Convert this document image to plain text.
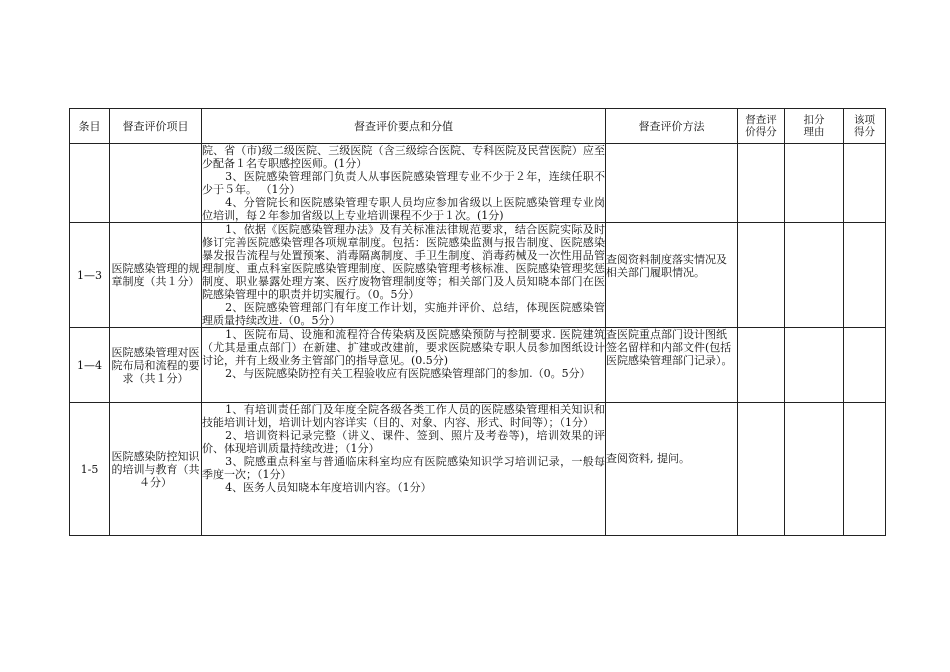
条目	督查评价项目	督查评价要点和分值	督查评价方法	督查评价得分	扣分理由	该项得分

		院、省（市)级二级医院、三级医院（含三级综合医院、专科医院及民营医院）应至少配备１名专职感控医师。(1分）

3、医院感染管理部门负责人从事医院感染管理专业不少于２年，连续任职不少于５年。 （1分）

4、分管院长和医院感染管理专职人员均应参加省级以上医院感染管理专业岗位培训，每２年参加省级以上专业培训课程不少于１次。(1分)				

1—3	医院感染管理的规章制度（共１分）	1、依据《医院感染管理办法》及有关标准法律规范要求，结合医院实际及时修订完善医院感染管理各项规章制度。包括：医院感染监测与报告制度、医院感染暴发报告流程与处置预案、消毒隔离制度、手卫生制度、消毒药械及一次性用品管理制度、重点科室医院感染管理制度、医院感染管理考核标准、医院感染管理奖惩制度、职业暴露处理方案、医疗废物管理制度等；相关部门及人员知晓本部门在医院感染管理中的职责并切实履行。（0。5分）

2、医院感染管理部门有年度工作计划，实施并评价、总结，体现医院感染管理质量持续改进.（0。5分）	查阅资料制度落实情况及相关部门履职情况。			

1—4	医院感染管理对医院布局和流程的要求（共１分）	1、医院布局、设施和流程符合传染病及医院感染预防与控制要求. 医院建筑（尤其是重点部门）在新建、扩建或改建前，要求医院感染专职人员参加图纸设计讨论，并有上级业务主管部门的指导意见。(0.5分)

2、与医院感染防控有关工程验收应有医院感染管理部门的参加.（0。5分）	查医院重点部门设计图纸签名留样和内部文件(包括医院感染管理部门记录）。			
1-5	医院感染防控知识的培训与教育（共４分）	1、有培训责任部门及年度全院各级各类工作人员的医院感染管理相关知识和技能培训计划，培训计划内容详实（目的、对象、内容、形式、时间等）；（1分）

2、培训资料记录完整（讲义、课件、签到、照片及考卷等)，培训效果的评价、体现培训质量持续改进；（1分）

3、院感重点科室与普通临床科室均应有医院感染知识学习培训记录，一般每季度一次；（1分）

4、医务人员知晓本年度培训内容。（1分）	查阅资料, 提问。			
